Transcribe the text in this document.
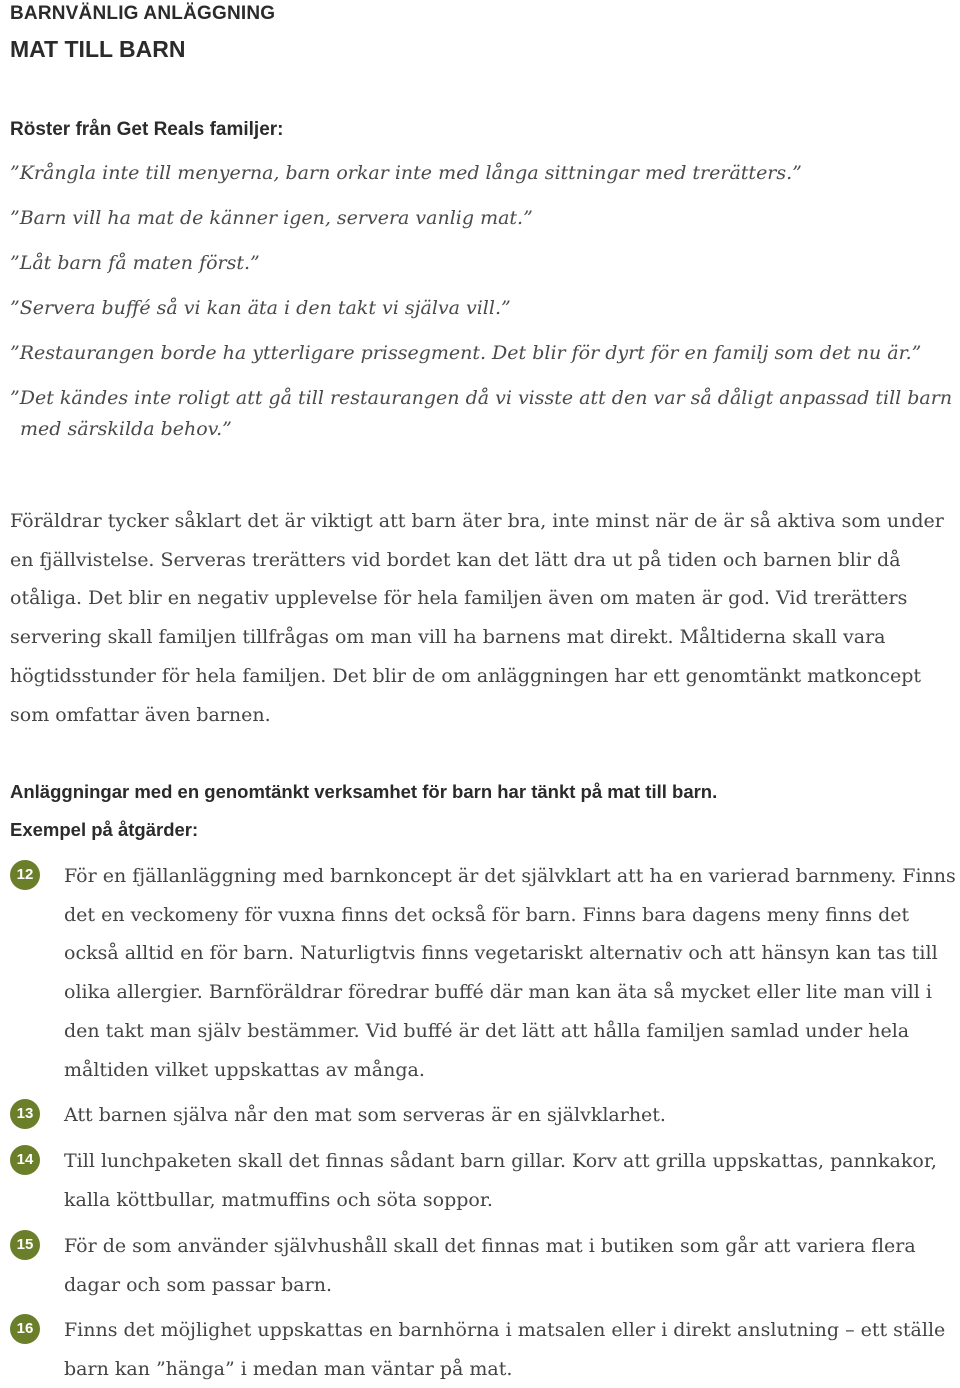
BARNVÄNLIG ANLÄGGNING
MAT TILL BARN
Röster från Get Reals familjer:
”Krångla inte till menyerna, barn orkar inte med långa sittningar med trerätters.”
”Barn vill ha mat de känner igen, servera vanlig mat.”
”Låt barn få maten först.”
”Servera buffé så vi kan äta i den takt vi själva vill.”
”Restaurangen borde ha ytterligare prissegment. Det blir för dyrt för en familj som det nu är.”
”Det kändes inte roligt att gå till restaurangen då vi visste att den var så dåligt anpassad till barn med särskilda behov.”

Föräldrar tycker såklart det är viktigt att barn äter bra, inte minst när de är så aktiva som under en fjällvistelse. Serveras trerätters vid bordet kan det lätt dra ut på tiden och barnen blir då otåliga. Det blir en negativ upplevelse för hela familjen även om maten är god. Vid trerätters servering skall familjen tillfrågas om man vill ha barnens mat direkt. Måltiderna skall vara högtidsstunder för hela familjen. Det blir de om anläggningen har ett genomtänkt matkoncept som omfattar även barnen.

Anläggningar med en genomtänkt verksamhet för barn har tänkt på mat till barn.
Exempel på åtgärder:
12	För en fjällanläggning med barnkoncept är det självklart att ha en varierad barnmeny. Finns det en veckomeny för vuxna finns det också för barn. Finns bara dagens meny finns det också alltid en för barn. Naturligtvis finns vegetariskt alternativ och att hänsyn kan tas till olika allergier. Barnföräldrar föredrar buffé där man kan äta så mycket eller lite man vill i den takt man själv bestämmer. Vid buffé är det lätt att hålla familjen samlad under hela måltiden vilket uppskattas av många.

13	Att barnen själva når den mat som serveras är en självklarhet.

14	Till lunchpaketen skall det finnas sådant barn gillar. Korv att grilla uppskattas, pannkakor, kalla köttbullar, matmuffins och söta soppor.

15	För de som använder självhushåll skall det finnas mat i butiken som går att variera flera dagar och som passar barn.

16	Finns det möjlighet uppskattas en barnhörna i matsalen eller i direkt anslutning – ett ställe barn kan ”hänga” i medan man väntar på mat.
